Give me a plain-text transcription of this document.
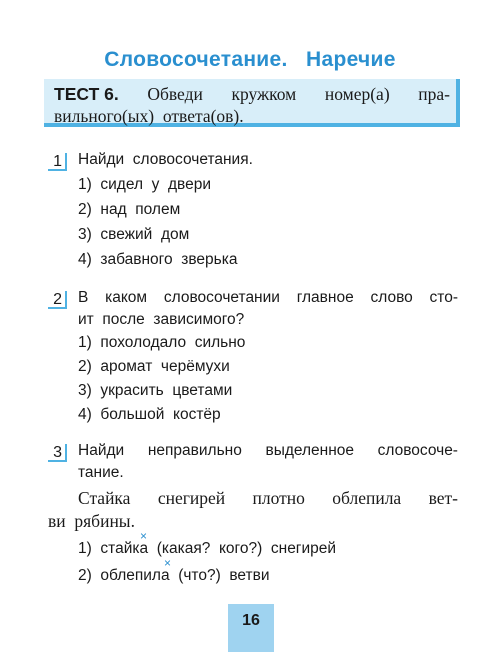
Словосочетание.   Наречие
ТЕСТ 6. Обведи кружком номер(а) пра-
вильного(ых)  ответа(ов).
1	Найди  словосочетания.
1)  сидел  у  двери
2)  над  полем
3)  свежий  дом
4)  забавного  зверька
2	В каком словосочетании главное слово сто-
ит  после  зависимого?
1)  похолодало  сильно
2)  аромат  черёмухи
3)  украсить  цветами
4)  большой  костёр
3	Найди неправильно выделенное словосоче-
тание.
Стайка снегирей плотно облепила вет-
ви  рябины.
×
1)  стайка  (какая?  кого?)  снегирей
×
2)  облепила  (что?)  ветви
16
